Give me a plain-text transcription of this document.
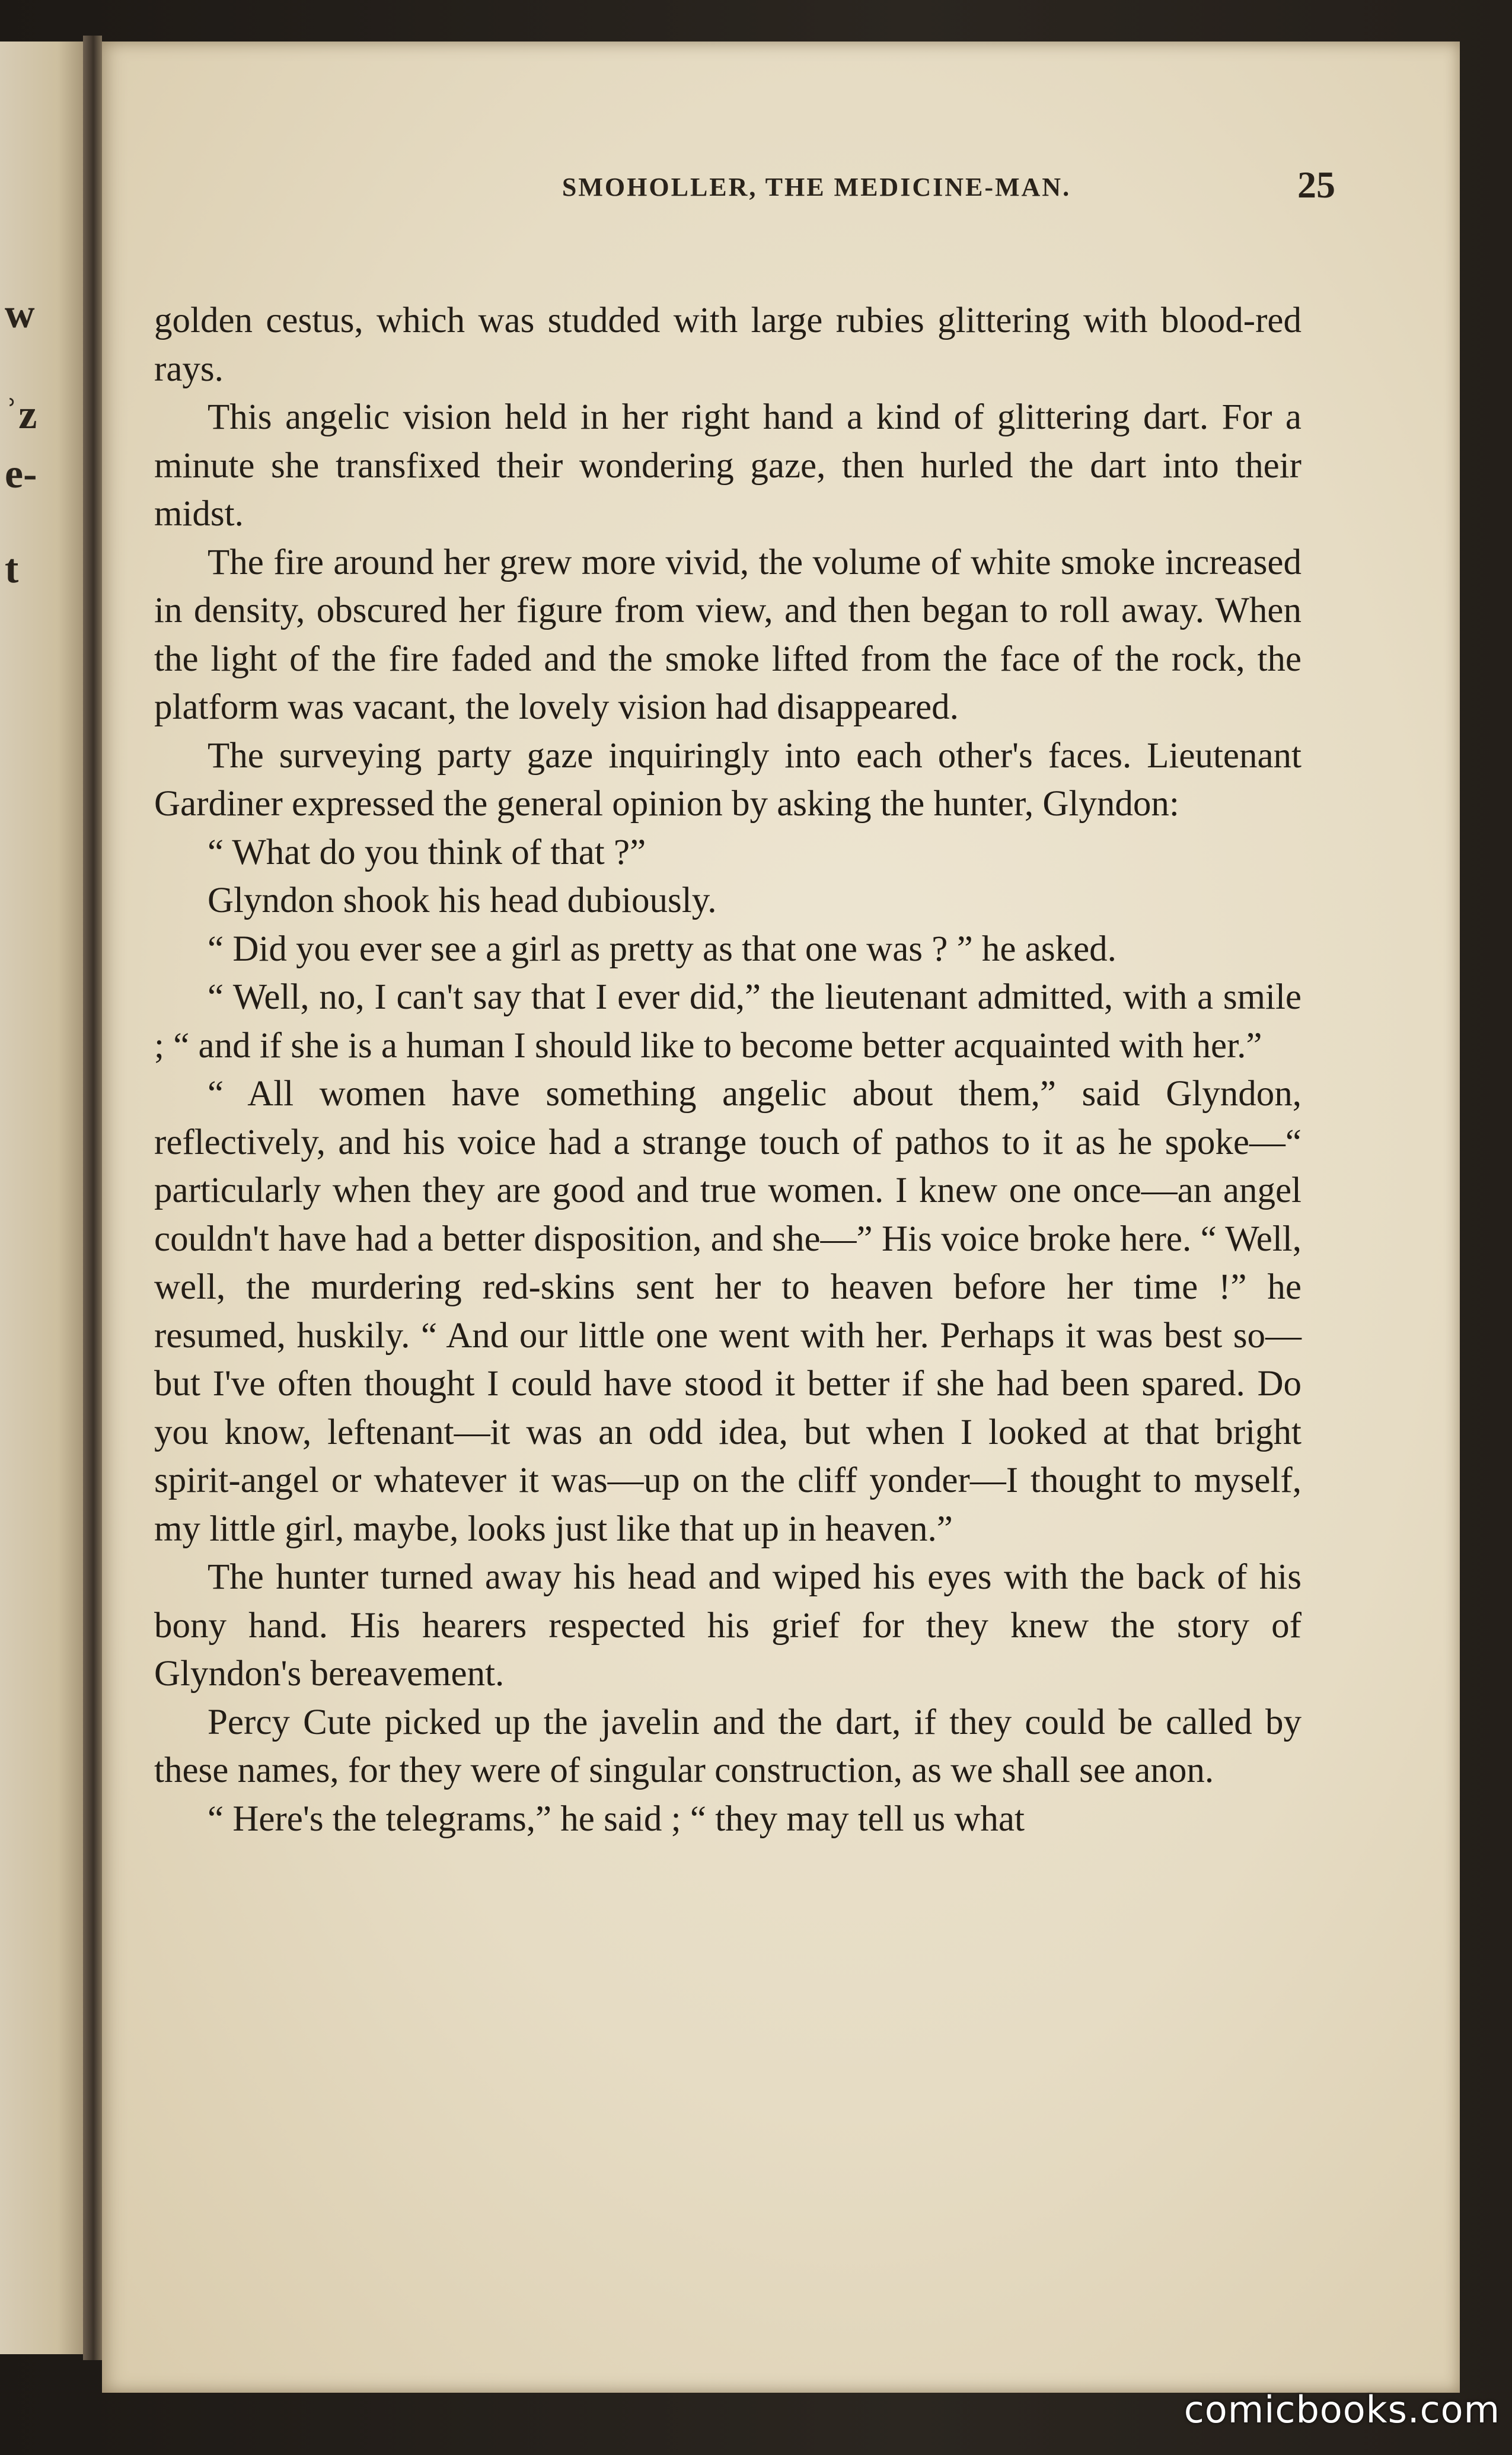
w
ʾz
e-
t
SMOHOLLER, THE MEDICINE-MAN.	25

golden cestus, which was studded with large rubies glittering with blood-red rays.

This angelic vision held in her right hand a kind of glittering dart. For a minute she transfixed their wondering gaze, then hurled the dart into their midst.

The fire around her grew more vivid, the volume of white smoke increased in density, obscured her figure from view, and then began to roll away. When the light of the fire faded and the smoke lifted from the face of the rock, the platform was vacant, the lovely vision had disappeared.

The surveying party gaze inquiringly into each other's faces. Lieutenant Gardiner expressed the general opinion by asking the hunter, Glyndon:

“ What do you think of that ?”

Glyndon shook his head dubiously.

“ Did you ever see a girl as pretty as that one was ? ” he asked.

“ Well, no, I can't say that I ever did,” the lieutenant admitted, with a smile ; “ and if she is a human I should like to become better acquainted with her.”

“ All women have something angelic about them,” said Glyndon, reflectively, and his voice had a strange touch of pathos to it as he spoke—“ particularly when they are good and true women. I knew one once—an angel couldn't have had a better disposition, and she—” His voice broke here. “ Well, well, the murdering red-skins sent her to heaven before her time !” he resumed, huskily. “ And our little one went with her. Perhaps it was best so—but I've often thought I could have stood it better if she had been spared. Do you know, leftenant—it was an odd idea, but when I looked at that bright spirit-angel or whatever it was—up on the cliff yonder—I thought to myself, my little girl, maybe, looks just like that up in heaven.”

The hunter turned away his head and wiped his eyes with the back of his bony hand. His hearers respected his grief for they knew the story of Glyndon's bereavement.

Percy Cute picked up the javelin and the dart, if they could be called by these names, for they were of singular construction, as we shall see anon.

“ Here's the telegrams,” he said ; “ they may tell us what

comicbooks.com
